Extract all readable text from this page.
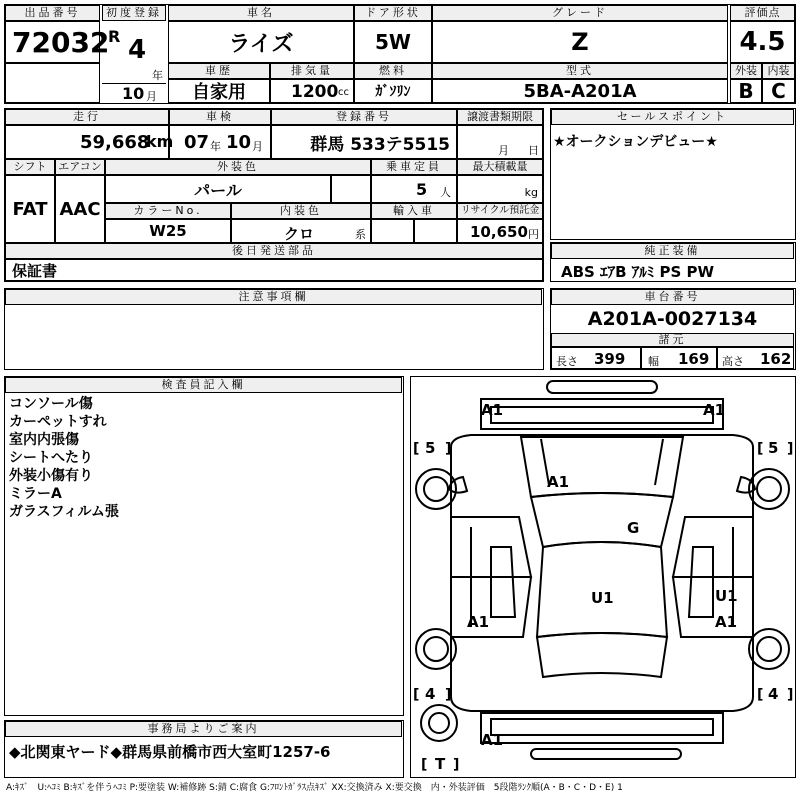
出品番号
72032
初度登録
R 4
年
10 月
車名
ライズ
ドア形状
5W
グレード
Z
評価点
4.5
車歴
自家用
排気量
1200 cc
燃料
ｶﾞｿﾘﾝ
型式
5BA-A201A
外装
B
内装
C
走行
59,668
km
車検
07 年 10 月
登録番号
群馬 533テ5515
譲渡書類期限
月 日
シフト
FAT
エアコン
AAC
外装色
パール
乗車定員
5 人
最大積載量
kg
カラーNo.
W25
内装色
クロ	系
輸入車	リサイクル預託金
10,650 円
後日発送部品
保証書
セールスポイント
★オークションデビュー★
純正装備
ABS ｴｱB ｱﾙﾐ PS PW
注意事項欄	車台番号
A201A-0027134
諸元
長さ 399 幅 169 高さ 162
検査員記入欄
コンソール傷
カーペットすれ
室内内張傷
シートへたり
外装小傷有り
ミラーA
ガラスフィルム張
[ ]	[ ]
[ ]	[ ]
[ ]
A1	A1
5	5
A1
G
U1	U1
A1
A1
4	4
A1
T
事務局よりご案内
◆北関東ヤード◆群馬県前橋市西大室町1257-6
A:ｷｽﾞ　U:ﾍｺﾐ B:ｷｽﾞを伴うﾍｺﾐ P:要塗装 W:補修跡 S:錆 C:腐食 G:ﾌﾛﾝﾄｶﾞﾗｽ点ｷｽﾞ XX:交換済み X:要交換　内・外装評価　5段階ﾗﾝｸ順(A・B・C・D・E) 1
